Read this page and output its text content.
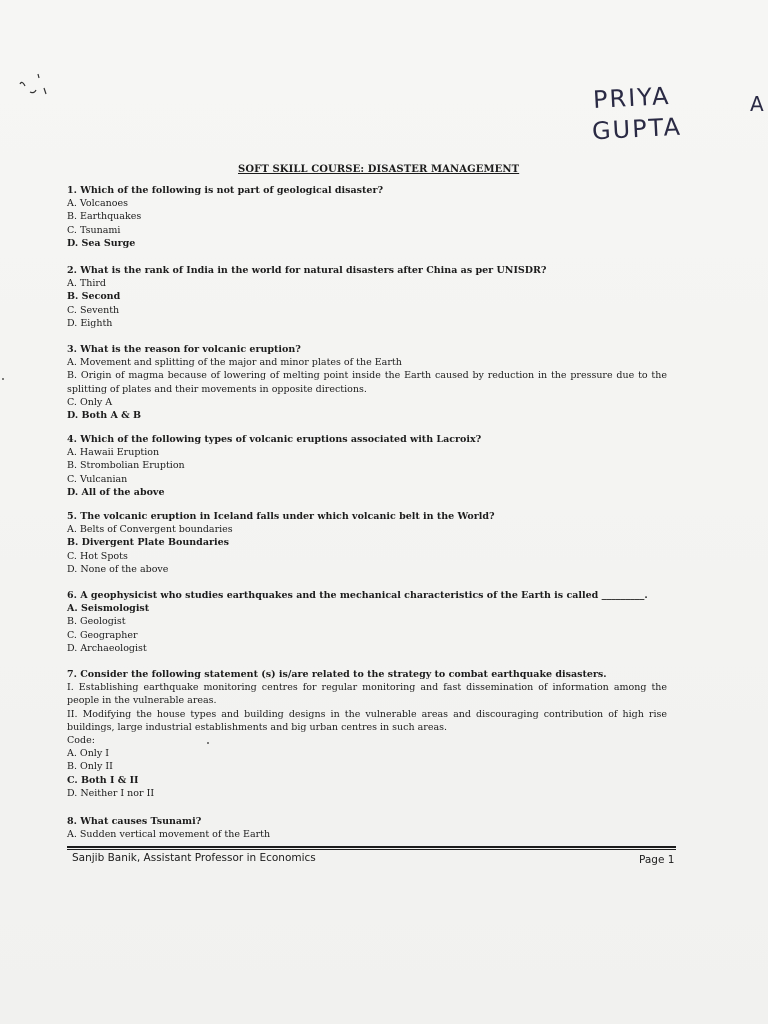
PRIYA
GUPTA
A
SOFT SKILL COURSE: DISASTER MANAGEMENT
1. Which of the following is not part of geological disaster?
A. Volcanoes
B. Earthquakes
C. Tsunami
D. Sea Surge
2. What is the rank of India in the world for natural disasters after China as per UNISDR?
A. Third
B. Second
C. Seventh
D. Eighth
3. What is the reason for volcanic eruption?
A. Movement and splitting of the major and minor plates of the Earth
B. Origin of magma because of lowering of melting point inside the Earth caused by reduction in the pressure due to the splitting of plates and their movements in opposite directions.
C. Only A
D. Both A & B
4. Which of the following types of volcanic eruptions associated with Lacroix?
A. Hawaii Eruption
B. Strombolian Eruption
C. Vulcanian
D. All of the above
5. The volcanic eruption in Iceland falls under which volcanic belt in the World?
A. Belts of Convergent boundaries
B. Divergent Plate Boundaries
C. Hot Spots
D. None of the above
6. A geophysicist who studies earthquakes and the mechanical characteristics of the Earth is called _________.
A. Seismologist
B. Geologist
C. Geographer
D. Archaeologist
7. Consider the following statement (s) is/are related to the strategy to combat earthquake disasters.
I. Establishing earthquake monitoring centres for regular monitoring and fast dissemination of information among the people in the vulnerable areas.
II. Modifying the house types and building designs in the vulnerable areas and discouraging contribution of high rise buildings, large industrial establishments and big urban centres in such areas.
Code:
A. Only I
B. Only II
C. Both I & II
D. Neither I nor II
8. What causes Tsunami?
A. Sudden vertical movement of the Earth
Sanjib Banik, Assistant Professor in Economics	Page 1
